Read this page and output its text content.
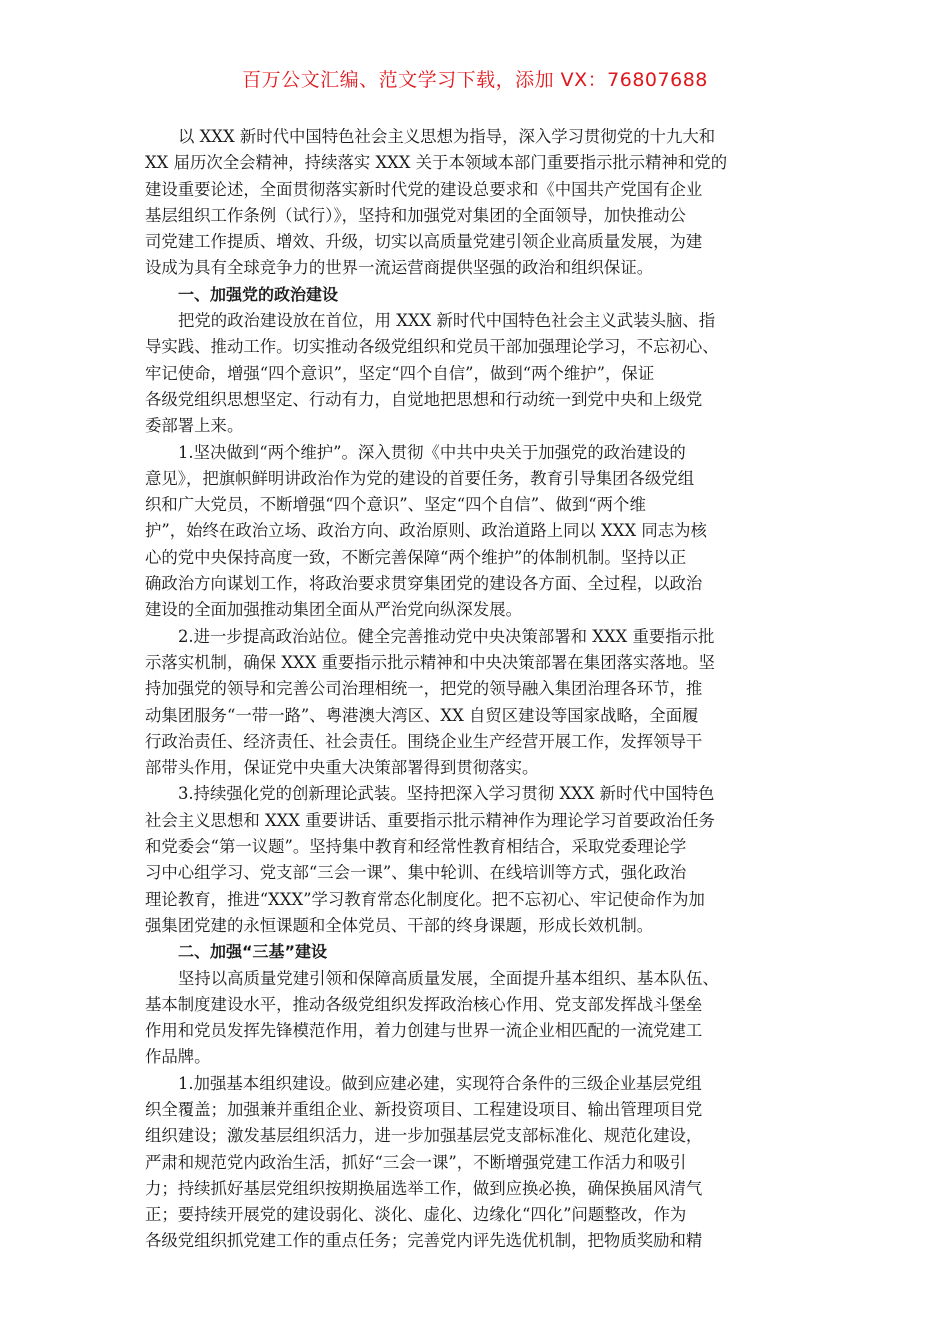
百万公文汇编、范文学习下载，添加 VX：76807688
以 XXX 新时代中国特色社会主义思想为指导，深入学习贯彻党的十九大和
XX 届历次全会精神，持续落实 XXX 关于本领域本部门重要指示批示精神和党的
建设重要论述，全面贯彻落实新时代党的建设总要求和《中国共产党国有企业
基层组织工作条例（试行）》，坚持和加强党对集团的全面领导，加快推动公
司党建工作提质、增效、升级，切实以高质量党建引领企业高质量发展，为建
设成为具有全球竞争力的世界一流运营商提供坚强的政治和组织保证。
一、加强党的政治建设
把党的政治建设放在首位，用 XXX 新时代中国特色社会主义武装头脑、指
导实践、推动工作。切实推动各级党组织和党员干部加强理论学习，不忘初心、
牢记使命，增强“四个意识”，坚定“四个自信”，做到“两个维护”，保证
各级党组织思想坚定、行动有力，自觉地把思想和行动统一到党中央和上级党
委部署上来。
1.坚决做到“两个维护”。深入贯彻《中共中央关于加强党的政治建设的
意见》，把旗帜鲜明讲政治作为党的建设的首要任务，教育引导集团各级党组
织和广大党员，不断增强“四个意识”、坚定“四个自信”、做到“两个维
护”，始终在政治立场、政治方向、政治原则、政治道路上同以 XXX 同志为核
心的党中央保持高度一致，不断完善保障“两个维护”的体制机制。坚持以正
确政治方向谋划工作，将政治要求贯穿集团党的建设各方面、全过程，以政治
建设的全面加强推动集团全面从严治党向纵深发展。
2.进一步提高政治站位。健全完善推动党中央决策部署和 XXX 重要指示批
示落实机制，确保 XXX 重要指示批示精神和中央决策部署在集团落实落地。坚
持加强党的领导和完善公司治理相统一，把党的领导融入集团治理各环节，推
动集团服务“一带一路”、粤港澳大湾区、XX 自贸区建设等国家战略，全面履
行政治责任、经济责任、社会责任。围绕企业生产经营开展工作，发挥领导干
部带头作用，保证党中央重大决策部署得到贯彻落实。
3.持续强化党的创新理论武装。坚持把深入学习贯彻 XXX 新时代中国特色
社会主义思想和 XXX 重要讲话、重要指示批示精神作为理论学习首要政治任务
和党委会“第一议题”。坚持集中教育和经常性教育相结合，采取党委理论学
习中心组学习、党支部“三会一课”、集中轮训、在线培训等方式，强化政治
理论教育，推进“XXX”学习教育常态化制度化。把不忘初心、牢记使命作为加
强集团党建的永恒课题和全体党员、干部的终身课题，形成长效机制。
二、加强“三基”建设
坚持以高质量党建引领和保障高质量发展，全面提升基本组织、基本队伍、
基本制度建设水平，推动各级党组织发挥政治核心作用、党支部发挥战斗堡垒
作用和党员发挥先锋模范作用，着力创建与世界一流企业相匹配的一流党建工
作品牌。
1.加强基本组织建设。做到应建必建，实现符合条件的三级企业基层党组
织全覆盖；加强兼并重组企业、新投资项目、工程建设项目、输出管理项目党
组织建设；激发基层组织活力，进一步加强基层党支部标准化、规范化建设，
严肃和规范党内政治生活，抓好“三会一课”，不断增强党建工作活力和吸引
力；持续抓好基层党组织按期换届选举工作，做到应换必换，确保换届风清气
正；要持续开展党的建设弱化、淡化、虚化、边缘化“四化”问题整改，作为
各级党组织抓党建工作的重点任务；完善党内评先选优机制，把物质奖励和精
